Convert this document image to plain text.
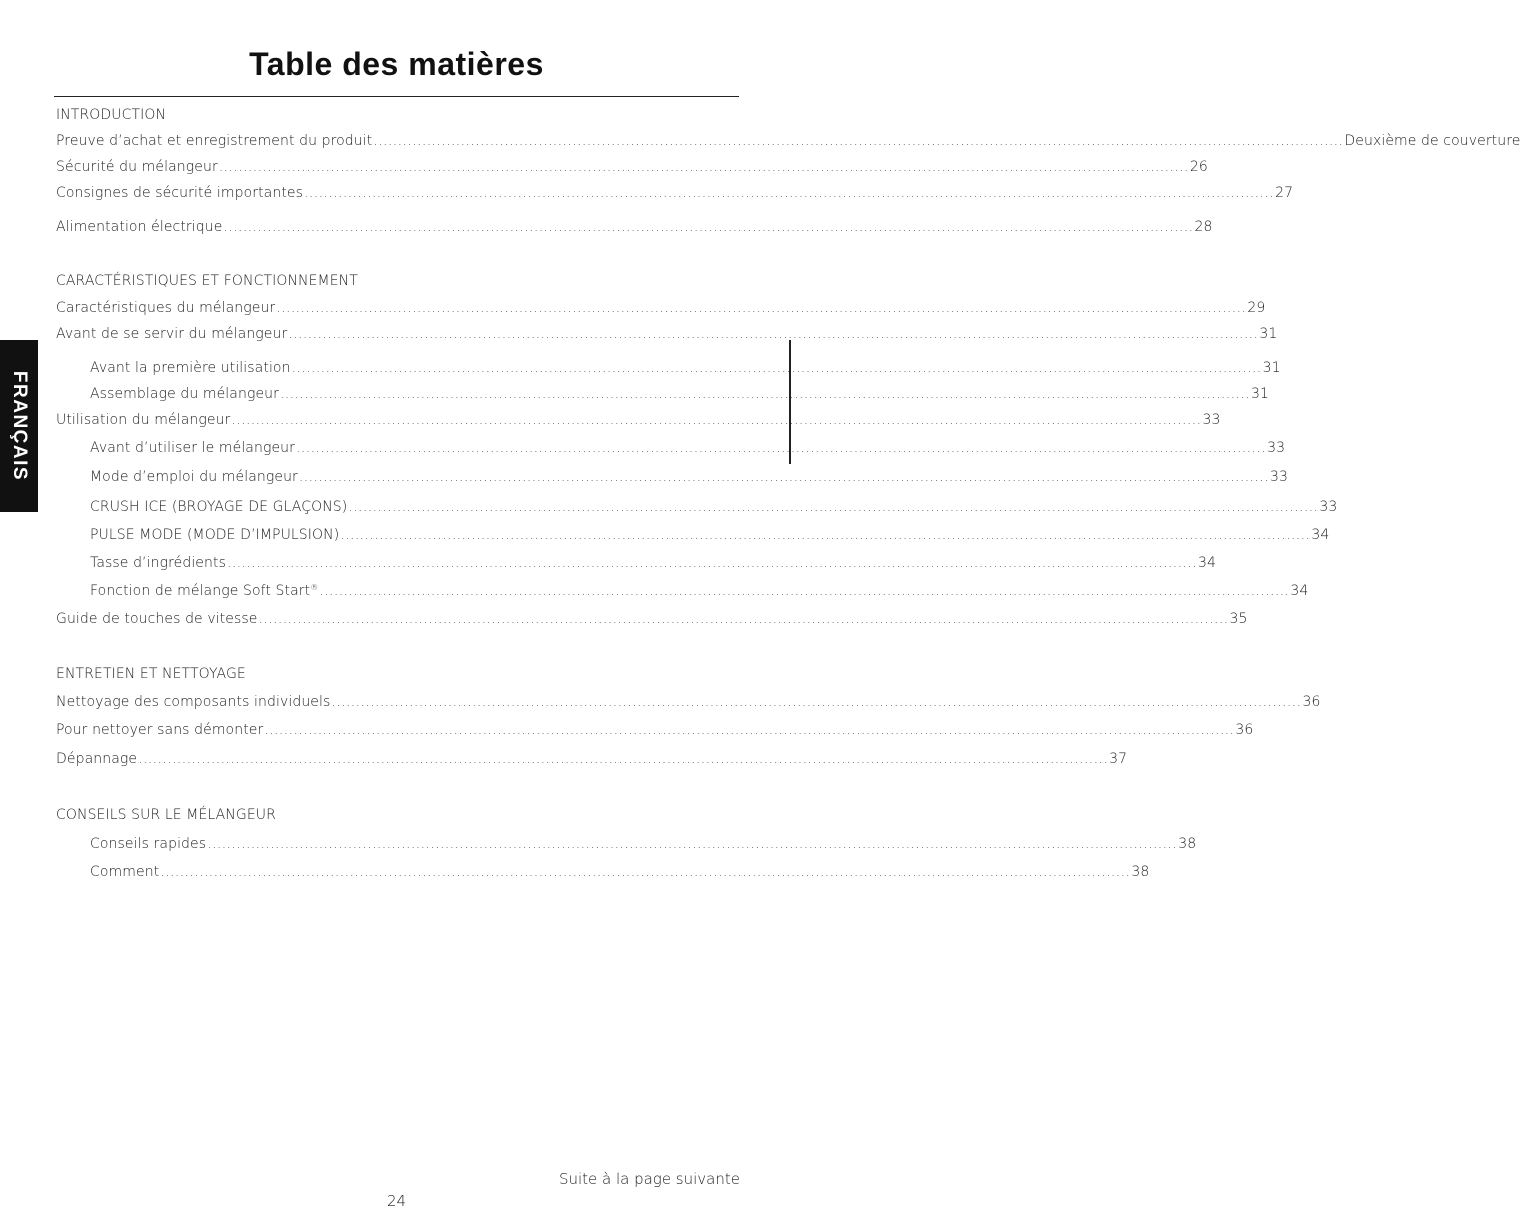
Table des matières
FRANÇAIS
INTRODUCTION
Preuve d’achat et enregistrement du produit ........................................................................................................................................................................................................ Deuxième de couverture
Sécurité du mélangeur ........................................................................................................................................................................................................ 26
Consignes de sécurité importantes ........................................................................................................................................................................................................ 27
Alimentation électrique ........................................................................................................................................................................................................ 28
CARACTÉRISTIQUES ET FONCTIONNEMENT
Caractéristiques du mélangeur ........................................................................................................................................................................................................ 29
Avant de se servir du mélangeur ........................................................................................................................................................................................................ 31
Avant la première utilisation ........................................................................................................................................................................................................ 31
Assemblage du mélangeur ........................................................................................................................................................................................................ 31
Utilisation du mélangeur ........................................................................................................................................................................................................ 33
Avant d’utiliser le mélangeur ........................................................................................................................................................................................................ 33
Mode d’emploi du mélangeur ........................................................................................................................................................................................................ 33
CRUSH ICE (BROYAGE DE GLAÇONS) ........................................................................................................................................................................................................ 33
PULSE MODE (MODE D’IMPULSION) ........................................................................................................................................................................................................ 34
Tasse d’ingrédients ........................................................................................................................................................................................................ 34
Fonction de mélange Soft Start® ........................................................................................................................................................................................................ 34
Guide de touches de vitesse ........................................................................................................................................................................................................ 35
ENTRETIEN ET NETTOYAGE
Nettoyage des composants individuels ........................................................................................................................................................................................................ 36
Pour nettoyer sans démonter ........................................................................................................................................................................................................ 36
Dépannage ........................................................................................................................................................................................................ 37
CONSEILS SUR LE MÉLANGEUR
Conseils rapides ........................................................................................................................................................................................................ 38
Comment ........................................................................................................................................................................................................ 38
Suite à la page suivante
24
